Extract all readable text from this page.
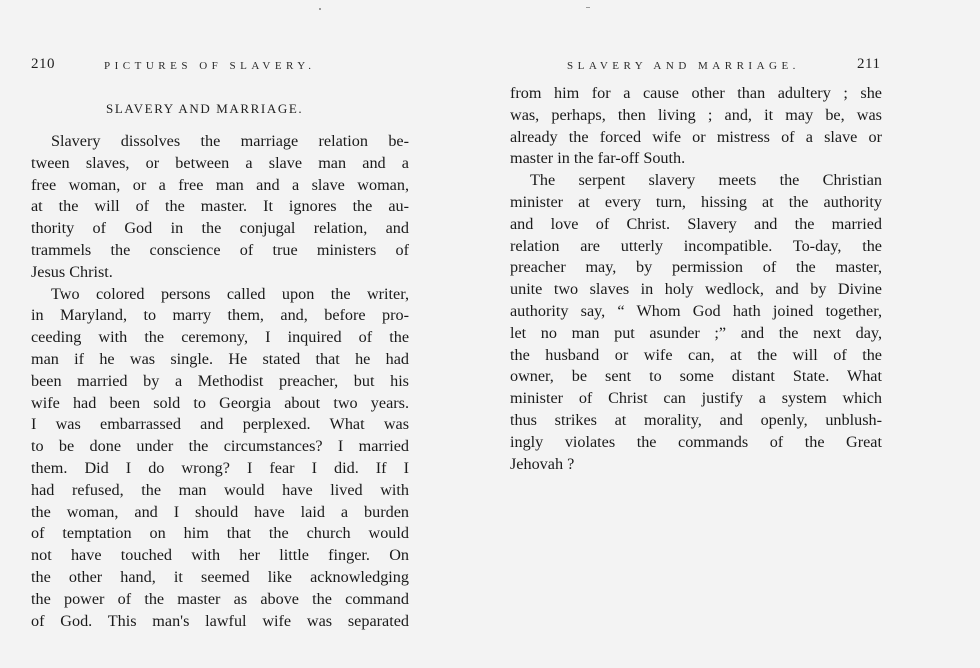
210	PICTURES OF SLAVERY.
SLAVERY AND MARRIAGE.
Slavery dissolves the marriage relation be-
tween slaves, or between a slave man and a
free woman, or a free man and a slave woman,
at the will of the master. It ignores the au-
thority of God in the conjugal relation, and
trammels the conscience of true ministers of
Jesus Christ.
Two colored persons called upon the writer,
in Maryland, to marry them, and, before pro-
ceeding with the ceremony, I inquired of the
man if he was single. He stated that he had
been married by a Methodist preacher, but his
wife had been sold to Georgia about two years.
I was embarrassed and perplexed. What was
to be done under the circumstances? I married
them. Did I do wrong? I fear I did. If I
had refused, the man would have lived with
the woman, and I should have laid a burden
of temptation on him that the church would
not have touched with her little finger. On
the other hand, it seemed like acknowledging
the power of the master as above the command
of God. This man's lawful wife was separated
SLAVERY AND MARRIAGE.	211
from him for a cause other than adultery ; she
was, perhaps, then living ; and, it may be, was
already the forced wife or mistress of a slave or
master in the far-off South.
The serpent slavery meets the Christian
minister at every turn, hissing at the authority
and love of Christ. Slavery and the married
relation are utterly incompatible. To-day, the
preacher may, by permission of the master,
unite two slaves in holy wedlock, and by Divine
authority say, “ Whom God hath joined together,
let no man put asunder ;” and the next day,
the husband or wife can, at the will of the
owner, be sent to some distant State. What
minister of Christ can justify a system which
thus strikes at morality, and openly, unblush-
ingly violates the commands of the Great
Jehovah ?
